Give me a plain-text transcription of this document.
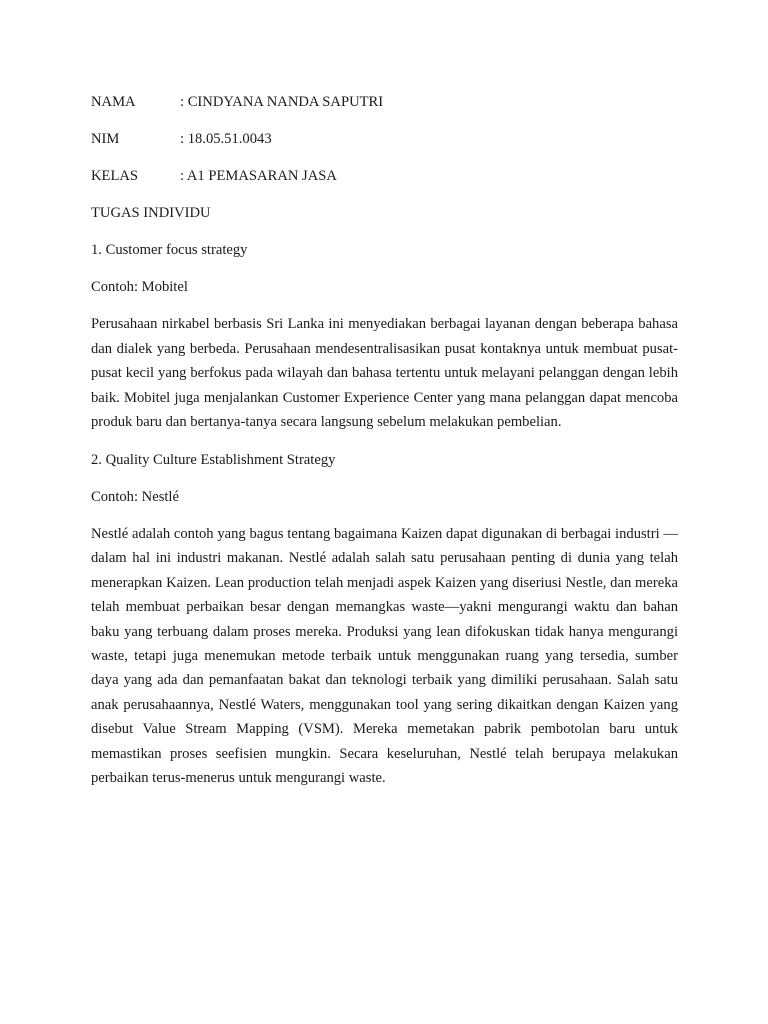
NAMA	: CINDYANA NANDA SAPUTRI
NIM	: 18.05.51.0043
KELAS	: A1 PEMASARAN JASA
TUGAS INDIVIDU
1. Customer focus strategy
Contoh: Mobitel

Perusahaan nirkabel berbasis Sri Lanka ini menyediakan berbagai layanan dengan beberapa bahasa dan dialek yang berbeda. Perusahaan mendesentralisasikan pusat kontaknya untuk membuat pusat-pusat kecil yang berfokus pada wilayah dan bahasa tertentu untuk melayani pelanggan dengan lebih baik. Mobitel juga menjalankan Customer Experience Center yang mana pelanggan dapat mencoba produk baru dan bertanya-tanya secara langsung sebelum melakukan pembelian.

2. Quality Culture Establishment Strategy
Contoh: Nestlé

Nestlé adalah contoh yang bagus tentang bagaimana Kaizen dapat digunakan di berbagai industri —dalam hal ini industri makanan. Nestlé adalah salah satu perusahaan penting di dunia yang telah menerapkan Kaizen. Lean production telah menjadi aspek Kaizen yang diseriusi Nestle, dan mereka telah membuat perbaikan besar dengan memangkas waste—yakni mengurangi waktu dan bahan baku yang terbuang dalam proses mereka. Produksi yang lean difokuskan tidak hanya mengurangi waste, tetapi juga menemukan metode terbaik untuk menggunakan ruang yang tersedia, sumber daya yang ada dan pemanfaatan bakat dan teknologi terbaik yang dimiliki perusahaan. Salah satu anak perusahaannya, Nestlé Waters, menggunakan tool yang sering dikaitkan dengan Kaizen yang disebut Value Stream Mapping (VSM). Mereka memetakan pabrik pembotolan baru untuk memastikan proses seefisien mungkin. Secara keseluruhan, Nestlé telah berupaya melakukan perbaikan terus-menerus untuk mengurangi waste.
